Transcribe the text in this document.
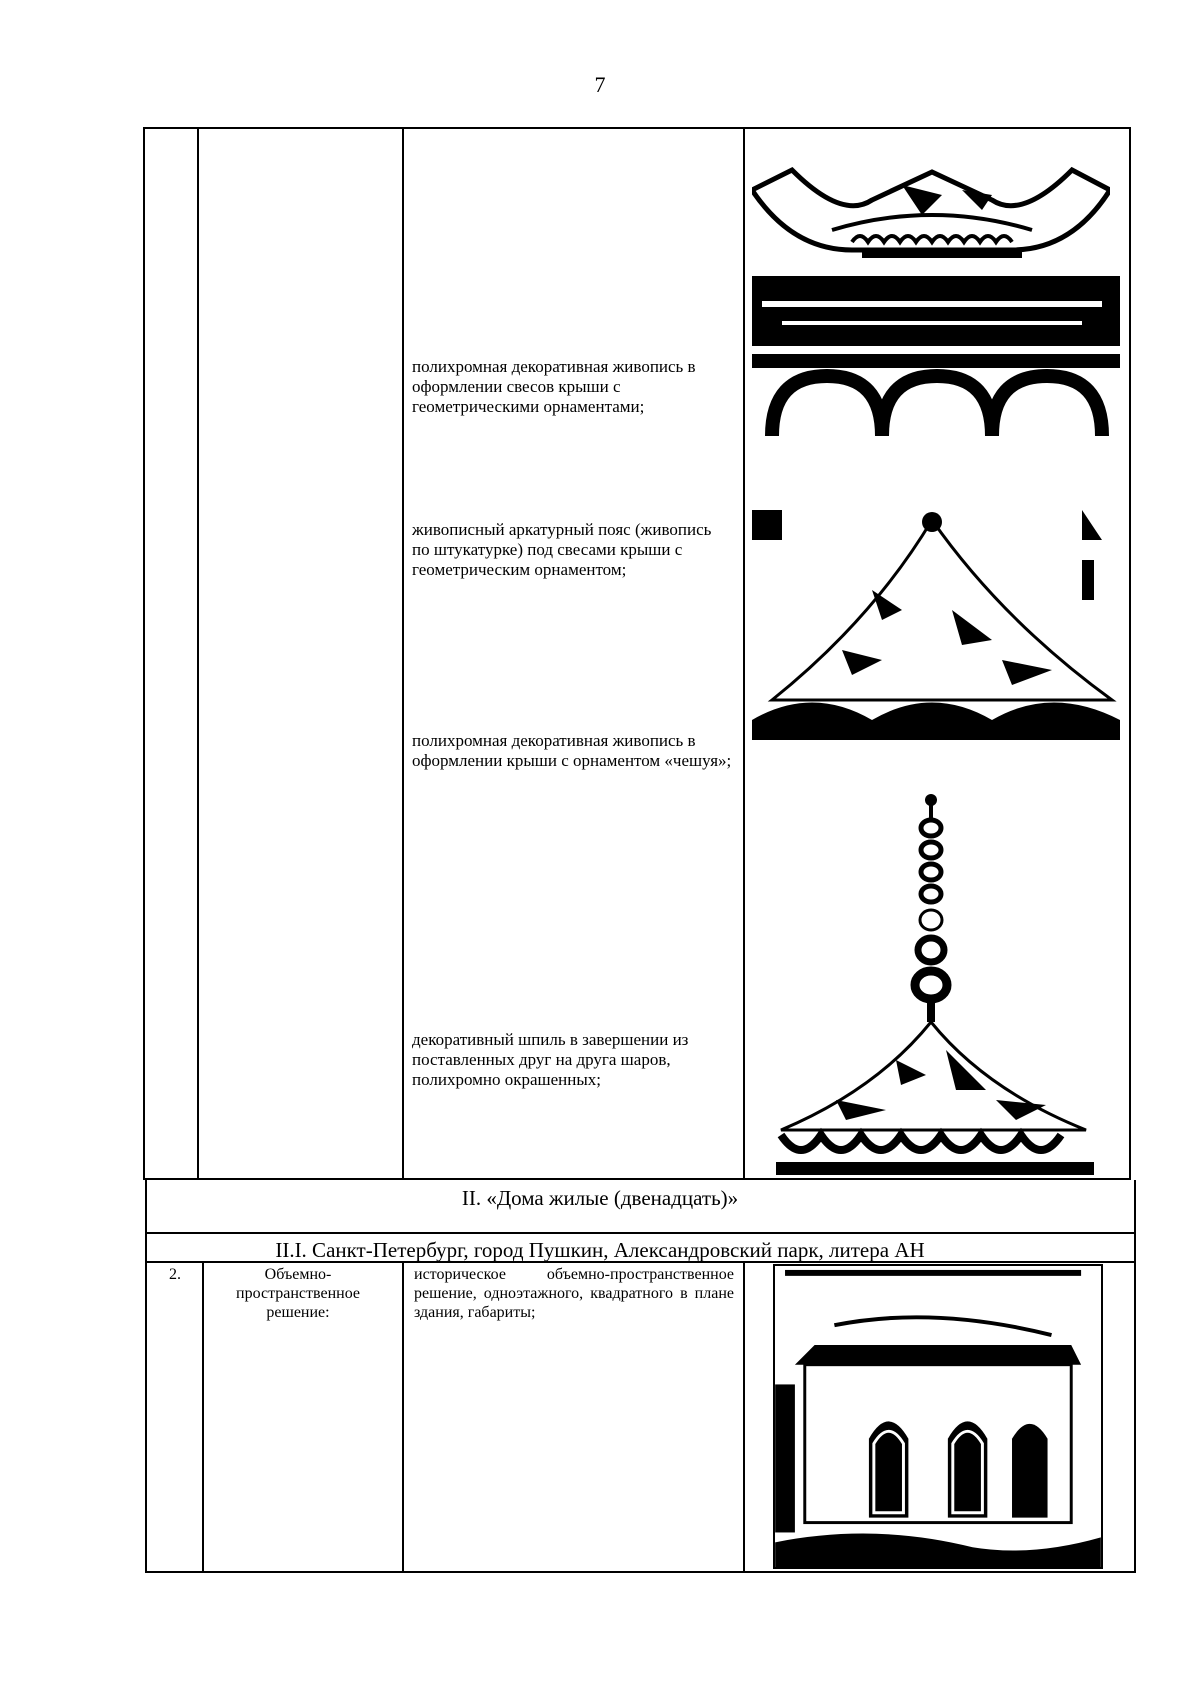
7
полихромная декоративная живопись в оформлении свесов крыши с геометрическими орнаментами;
живописный аркатурный пояс (живопись по штукатурке) под свесами крыши с геометрическим орнаментом;
полихромная декоративная живопись в оформлении крыши с орнаментом «чешуя»;
декоративный шпиль в завершении из поставленных друг на друга шаров, полихромно окрашенных;
II. «Дома жилые (двенадцать)»
II.I. Санкт-Петербург, город Пушкин, Александровский парк, литера АН
2.	Объемно-пространственное решение:
историческое объемно-пространственное решение, одноэтажного, квадратного в плане здания, габариты;
